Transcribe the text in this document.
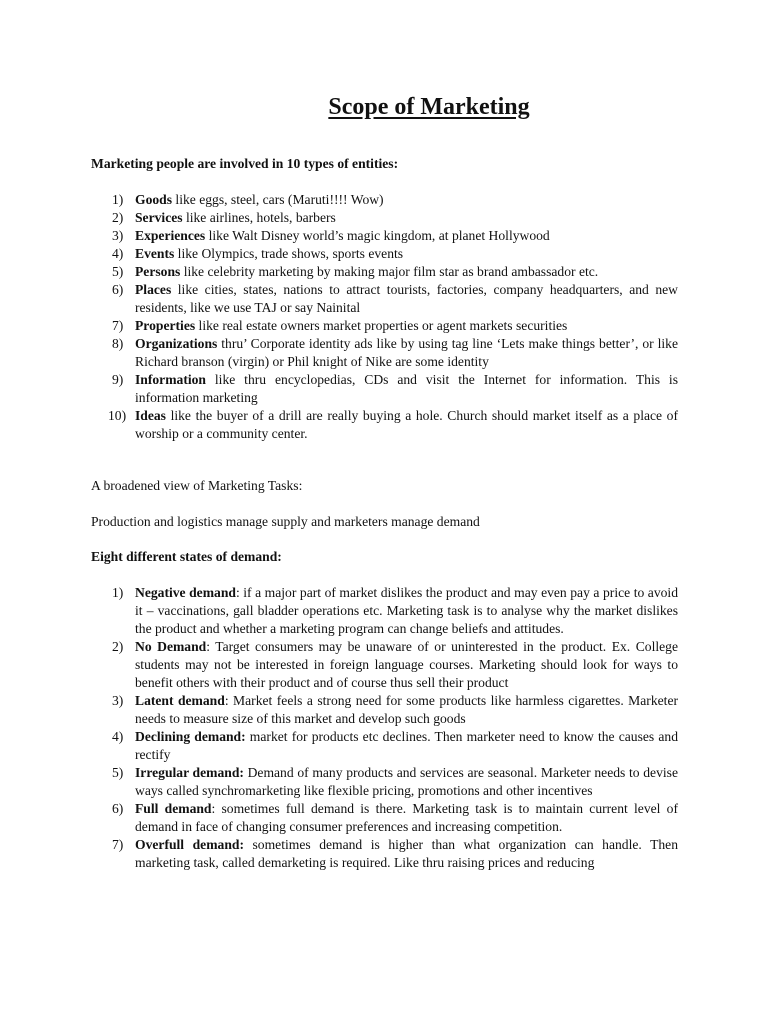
Scope of Marketing
Marketing people are involved in 10 types of entities:
1) Goods like eggs, steel, cars (Maruti!!!! Wow)
2) Services like airlines, hotels, barbers
3) Experiences like Walt Disney world’s magic kingdom, at planet Hollywood
4) Events like Olympics, trade shows, sports events
5) Persons like celebrity marketing by making major film star as brand ambassador etc.
6) Places like cities, states, nations to attract tourists, factories, company headquarters, and new residents, like we use TAJ or say Nainital
7) Properties like real estate owners market properties or agent markets securities
8) Organizations thru’ Corporate identity ads like by using tag line ‘Lets make things better’, or like Richard branson (virgin) or Phil knight of Nike are some identity
9) Information like thru encyclopedias, CDs and visit the Internet for information. This is information marketing
10) Ideas like the buyer of a drill are really buying a hole. Church should market itself as a place of worship or a community center.
A broadened view of Marketing Tasks:
Production and logistics manage supply and marketers manage demand
Eight different states of demand:
1) Negative demand: if a major part of market dislikes the product and may even pay a price to avoid it – vaccinations, gall bladder operations etc. Marketing task is to analyse why the market dislikes the product and whether a marketing program can change beliefs and attitudes.
2) No Demand: Target consumers may be unaware of or uninterested in the product. Ex. College students may not be interested in foreign language courses. Marketing should look for ways to benefit others with their product and of course thus sell their product
3) Latent demand: Market feels a strong need for some products like harmless cigarettes. Marketer needs to measure size of this market and develop such goods
4) Declining demand: market for products etc declines. Then marketer need to know the causes and rectify
5) Irregular demand: Demand of many products and services are seasonal. Marketer needs to devise ways called synchromarketing like flexible pricing, promotions and other incentives
6) Full demand: sometimes full demand is there. Marketing task is to maintain current level of demand in face of changing consumer preferences and increasing competition.
7) Overfull demand: sometimes demand is higher than what organization can handle. Then marketing task, called demarketing is required. Like thru raising prices and reducing
